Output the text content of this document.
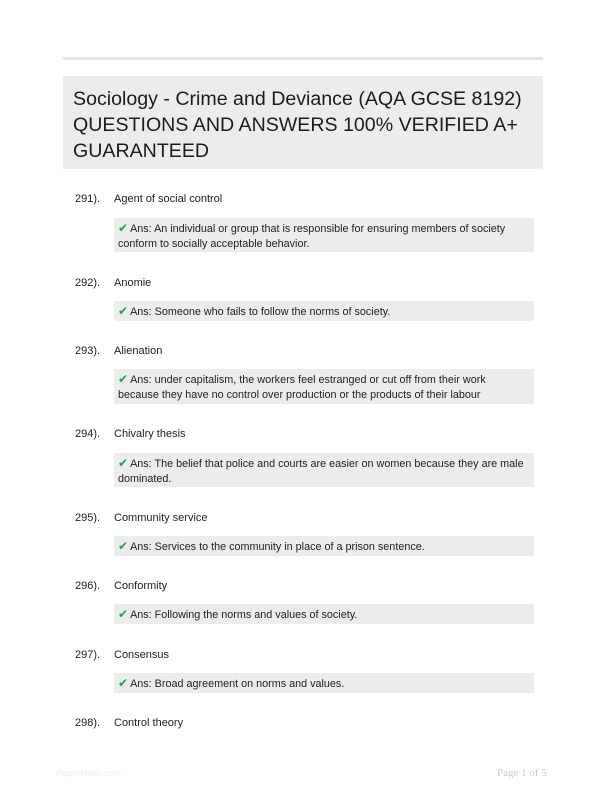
Sociology - Crime and Deviance (AQA GCSE 8192) QUESTIONS AND ANSWERS 100% VERIFIED A+ GUARANTEED
291). Agent of social control
✔ Ans: An individual or group that is responsible for ensuring members of society conform to socially acceptable behavior.
292). Anomie
✔ Ans: Someone who fails to follow the norms of society.
293). Alienation
✔ Ans: under capitalism, the workers feel estranged or cut off from their work because they have no control over production or the products of their labour
294). Chivalry thesis
✔ Ans: The belief that police and courts are easier on women because they are male dominated.
295). Community service
✔ Ans: Services to the community in place of a prison sentence.
296). Conformity
✔ Ans: Following the norms and values of society.
297). Consensus
✔ Ans: Broad agreement on norms and values.
298). Control theory
PaperMatic.com	Page 1 of 5
